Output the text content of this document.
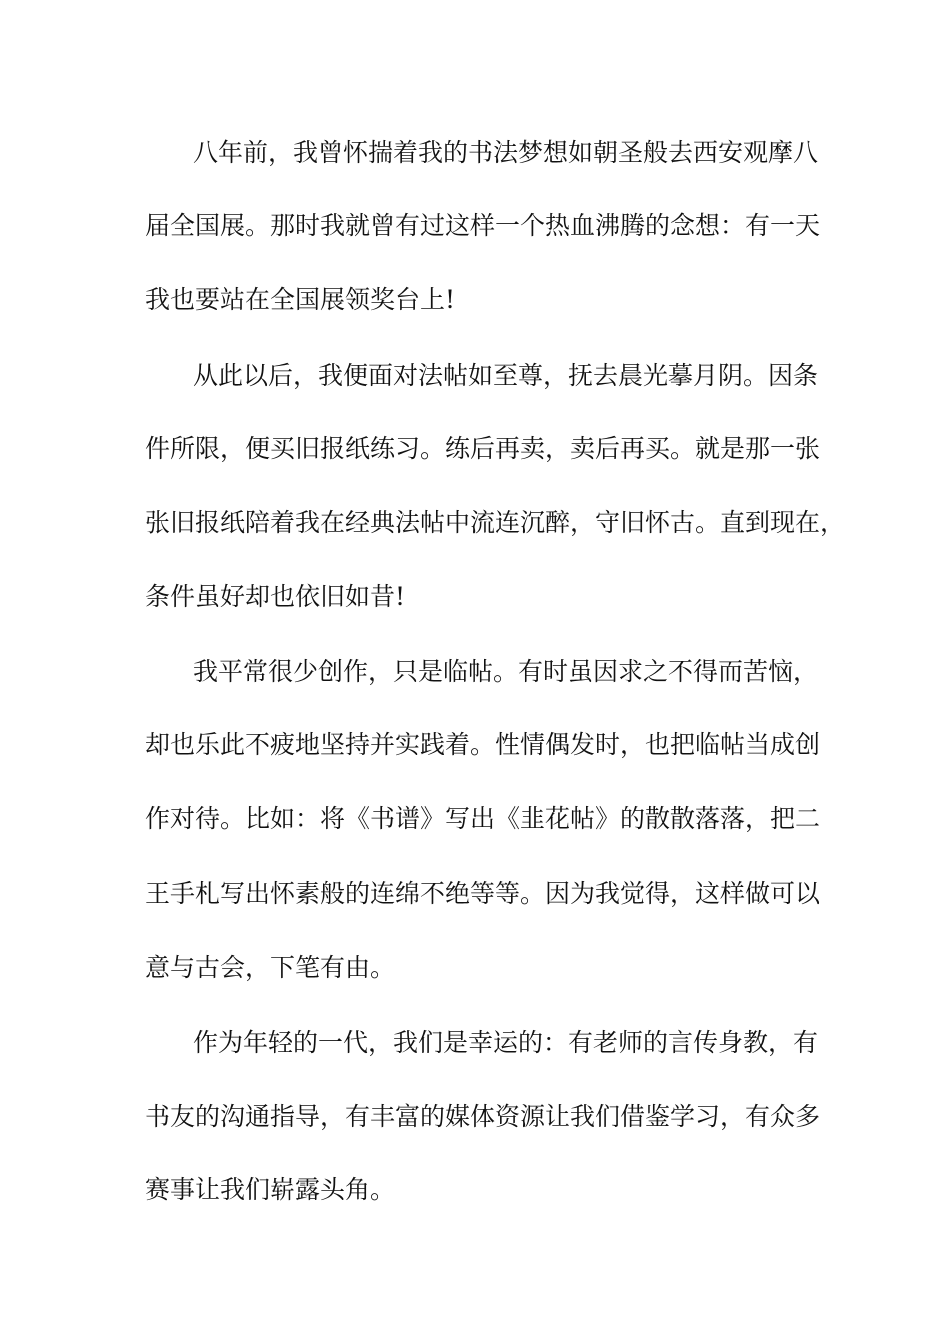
八年前，我曾怀揣着我的书法梦想如朝圣般去西安观摩八
届全国展。那时我就曾有过这样一个热血沸腾的念想：有一天
我也要站在全国展领奖台上!
从此以后，我便面对法帖如至尊，抚去晨光摹月阴。因条
件所限，便买旧报纸练习。练后再卖，卖后再买。就是那一张
张旧报纸陪着我在经典法帖中流连沉醉，守旧怀古。直到现在，
条件虽好却也依旧如昔!
我平常很少创作，只是临帖。有时虽因求之不得而苦恼，
却也乐此不疲地坚持并实践着。性情偶发时，也把临帖当成创
作对待。比如：将《书谱》写出《韭花帖》的散散落落，把二
王手札写出怀素般的连绵不绝等等。因为我觉得，这样做可以
意与古会，下笔有由。
作为年轻的一代，我们是幸运的：有老师的言传身教，有
书友的沟通指导，有丰富的媒体资源让我们借鉴学习，有众多
赛事让我们崭露头角。
